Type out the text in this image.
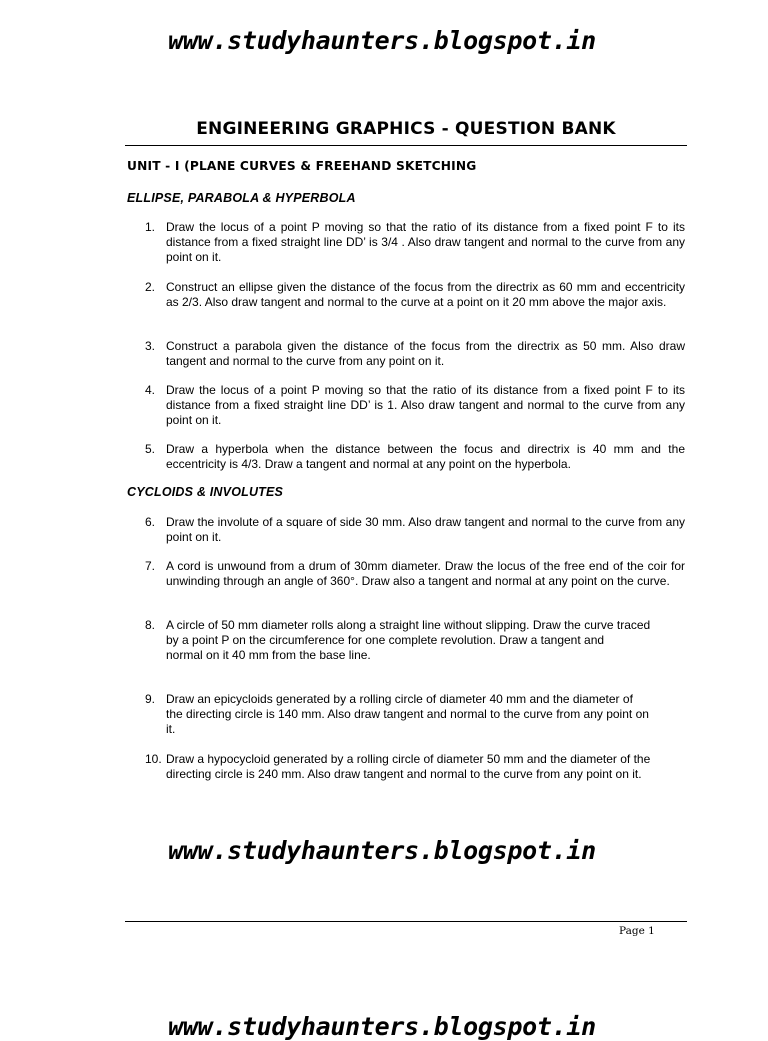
www.studyhaunters.blogspot.in
ENGINEERING GRAPHICS - QUESTION BANK
UNIT - I (PLANE CURVES & FREEHAND SKETCHING
ELLIPSE, PARABOLA & HYPERBOLA
1. Draw the locus of a point P moving so that the ratio of its distance from a fixed point F to its distance from a fixed straight line DD’ is 3/4 . Also draw tangent and normal to the curve from any point on it.
2. Construct an ellipse given the distance of the focus from the directrix as 60 mm and eccentricity as 2/3. Also draw tangent and normal to the curve at a point on it 20 mm above the major axis.
3. Construct a parabola given the distance of the focus from the directrix as 50 mm. Also draw tangent and normal to the curve from any point on it.
4. Draw the locus of a point P moving so that the ratio of its distance from a fixed point F to its distance from a fixed straight line DD’ is 1. Also draw tangent and normal to the curve from any point on it.
5. Draw a hyperbola when the distance between the focus and directrix is 40 mm and the eccentricity is 4/3. Draw a tangent and normal at any point on the hyperbola.
CYCLOIDS & INVOLUTES
6. Draw the involute of a square of side 30 mm. Also draw tangent and normal to the curve from any point on it.
7. A cord is unwound from a drum of 30mm diameter. Draw the locus of the free end of the coir for unwinding through an angle of 360°. Draw also a tangent and normal at any point on the curve.
8. A circle of 50 mm diameter rolls along a straight line without slipping. Draw the curve traced by a point P on the circumference for one complete revolution. Draw a tangent and
normal on it 40 mm from the base line.
9. Draw an epicycloids generated by a rolling circle of diameter 40 mm and the diameter of the directing circle is 140 mm. Also draw tangent and normal to the curve from any point on it.
10. Draw a hypocycloid generated by a rolling circle of diameter 50 mm and the diameter of the directing circle is 240 mm. Also draw tangent and normal to the curve from any point on it.
www.studyhaunters.blogspot.in
Page 1
www.studyhaunters.blogspot.in
